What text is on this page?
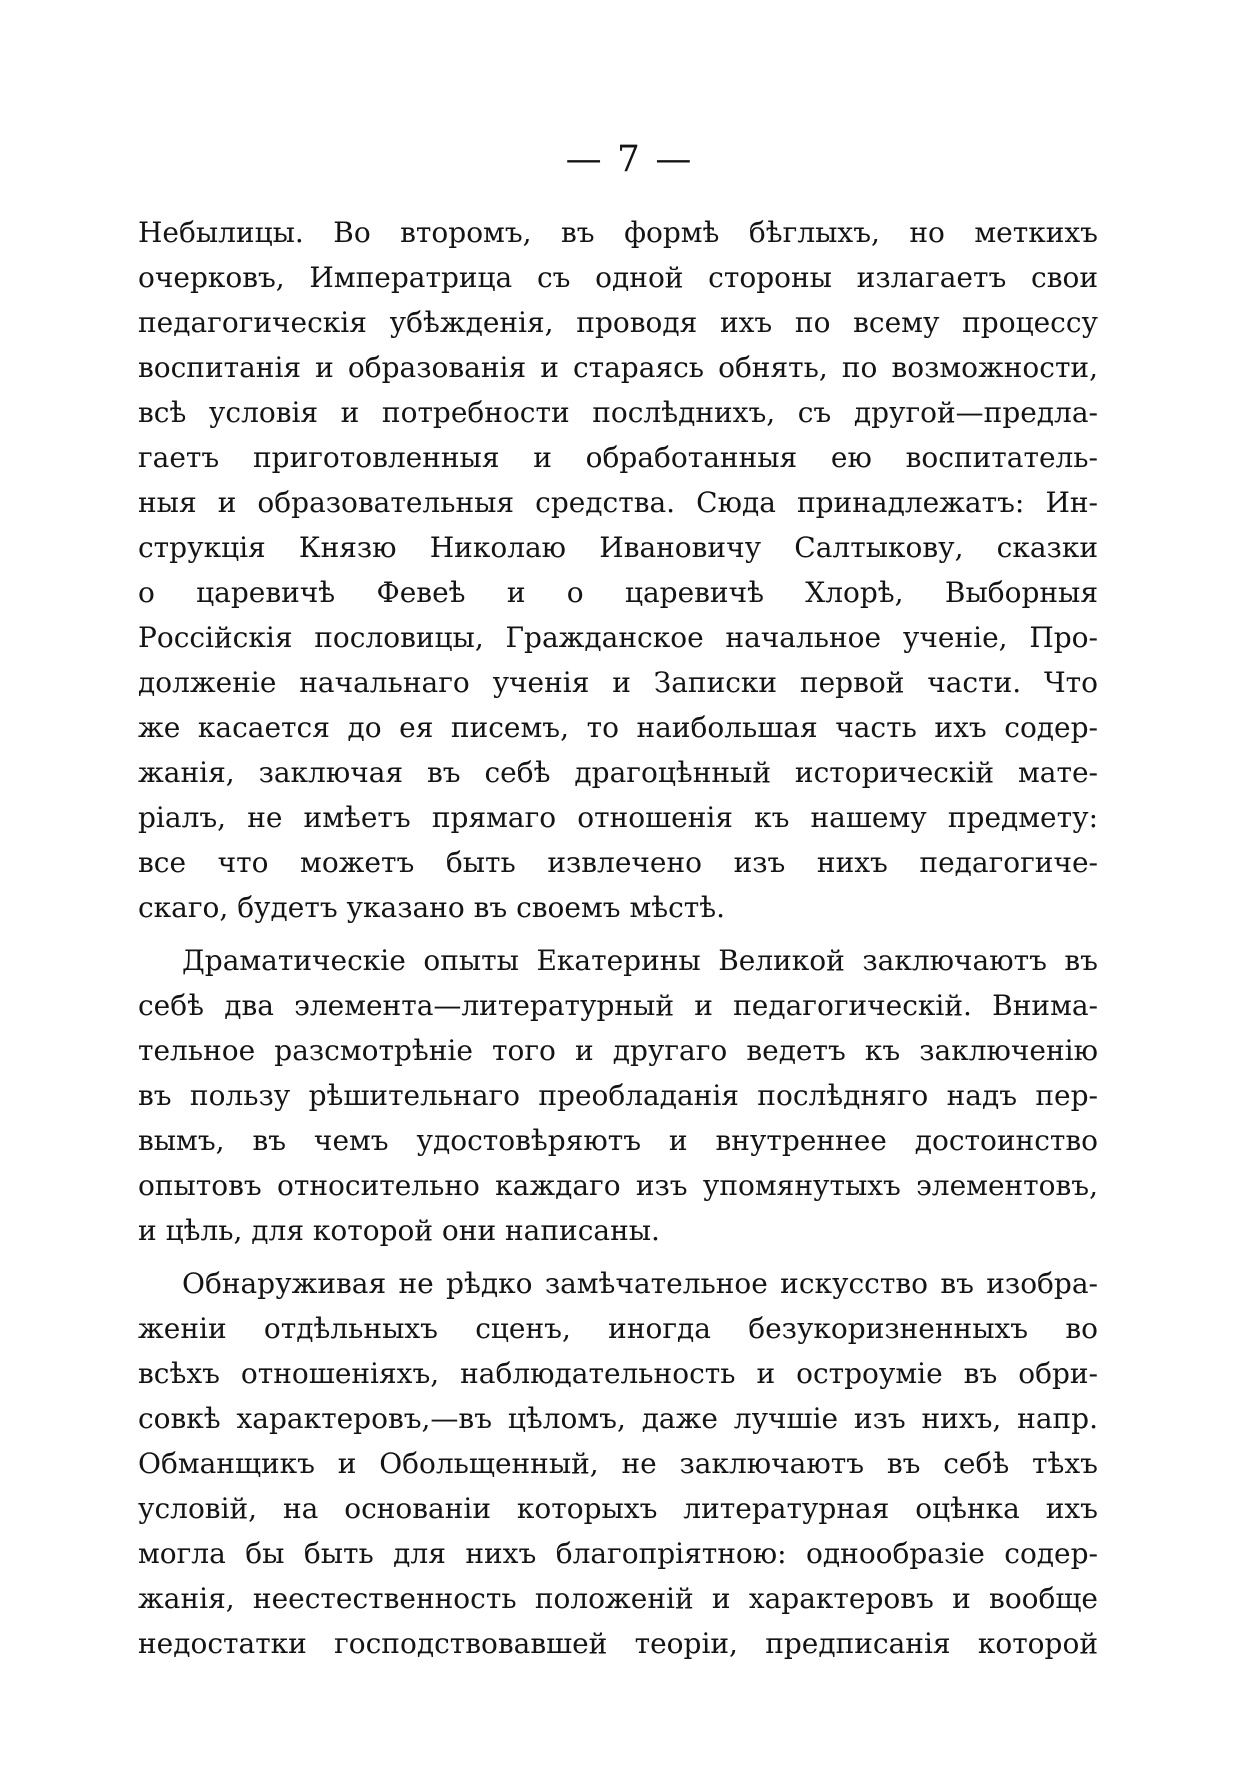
— 7 —
Небылицы. Во второмъ, въ формѣ бѣглыхъ, но меткихъ
очерковъ, Императрица съ одной стороны излагаетъ свои
педагогическія убѣжденія, проводя ихъ по всему процессу
воспитанія и образованія и стараясь обнять, по возможности,
всѣ условія и потребности послѣднихъ, съ другой—предла-
гаетъ приготовленныя и обработанныя ею воспитатель-
ныя и образовательныя средства. Сюда принадлежатъ: Ин-
струкція Князю Николаю Ивановичу Салтыкову, сказки
о царевичѣ Февеѣ и о царевичѣ Хлорѣ, Выборныя
Россійскія пословицы, Гражданское начальное ученіе, Про-
долженіе начальнаго ученія и Записки первой части. Что
же касается до ея писемъ, то наибольшая часть ихъ содер-
жанія, заключая въ себѣ драгоцѣнный историческій мате-
ріалъ, не имѣетъ прямаго отношенія къ нашему предмету:
все что можетъ быть извлечено изъ нихъ педагогиче-
скаго, будетъ указано въ своемъ мѣстѣ.
Драматическіе опыты Екатерины Великой заключаютъ въ
себѣ два элемента—литературный и педагогическій. Внима-
тельное разсмотрѣніе того и другаго ведетъ къ заключенію
въ пользу рѣшительнаго преобладанія послѣдняго надъ пер-
вымъ, въ чемъ удостовѣряютъ и внутреннее достоинство
опытовъ относительно каждаго изъ упомянутыхъ элементовъ,
и цѣль, для которой они написаны.
Обнаруживая не рѣдко замѣчательное искусство въ изобра-
женіи отдѣльныхъ сценъ, иногда безукоризненныхъ во
всѣхъ отношеніяхъ, наблюдательность и остроуміе въ обри-
совкѣ характеровъ,—въ цѣломъ, даже лучшіе изъ нихъ, напр.
Обманщикъ и Обольщенный, не заключаютъ въ себѣ тѣхъ
условій, на основаніи которыхъ литературная оцѣнка ихъ
могла бы быть для нихъ благопріятною: однообразіе содер-
жанія, неестественность положеній и характеровъ и вообще
недостатки господствовавшей теоріи, предписанія которой
